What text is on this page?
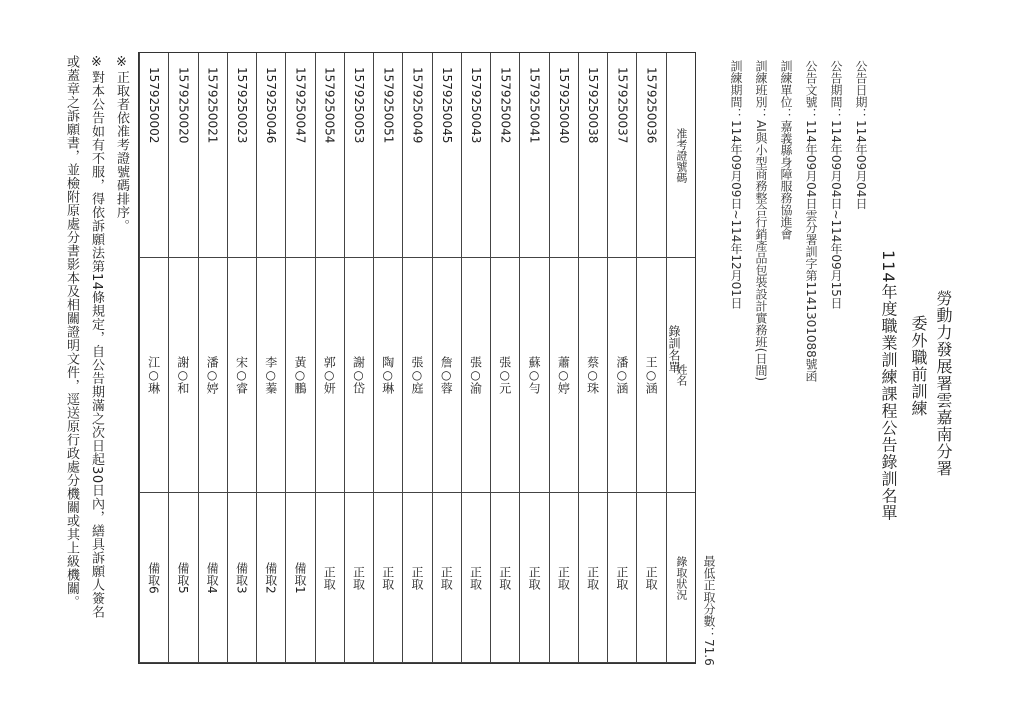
勞動力發展署雲嘉南分署
委外職前訓練
114年度職業訓練課程公告錄訓名單
公告日期：114年09月04日
公告期間：114年09月04日~114年09月15日
公告文號：114年09月04日雲分署訓字第1141301088號函
訓練單位：嘉義縣身障服務協進會
訓練班別：AI與小型商務整合行銷產品包裝設計實務班(日間)
訓練期間：114年09月09日~114年12月01日
最低正取分數：71.6
准考證號碼
姓名
錄取狀況
1579250036
王○涵
正取
1579250037
潘○涵
正取
1579250038
蔡○珠
正取
1579250040
蕭○婷
正取
1579250041
蘇○勻
正取
1579250042
張○元
正取
1579250043
張○渝
正取
1579250045
詹○蓉
正取
1579250049
張○庭
正取
1579250051
陶○琳
正取
1579250053
謝○岱
正取
1579250054
郭○妍
正取
1579250047
黃○鵬
備取1
1579250046
李○蓁
備取2
1579250023
宋○睿
備取3
1579250021
潘○婷
備取4
1579250020
謝○和
備取5
1579250002
江○琳
備取6
※正取者依准考證號碼排序。
※對本公告如有不服，得依訴願法第14條規定，自公告期滿之次日起30日內，繕具訴願人簽名
或蓋章之訴願書，並檢附原處分書影本及相關證明文件，逕送原行政處分機關或其上級機關。	錄訓名單
